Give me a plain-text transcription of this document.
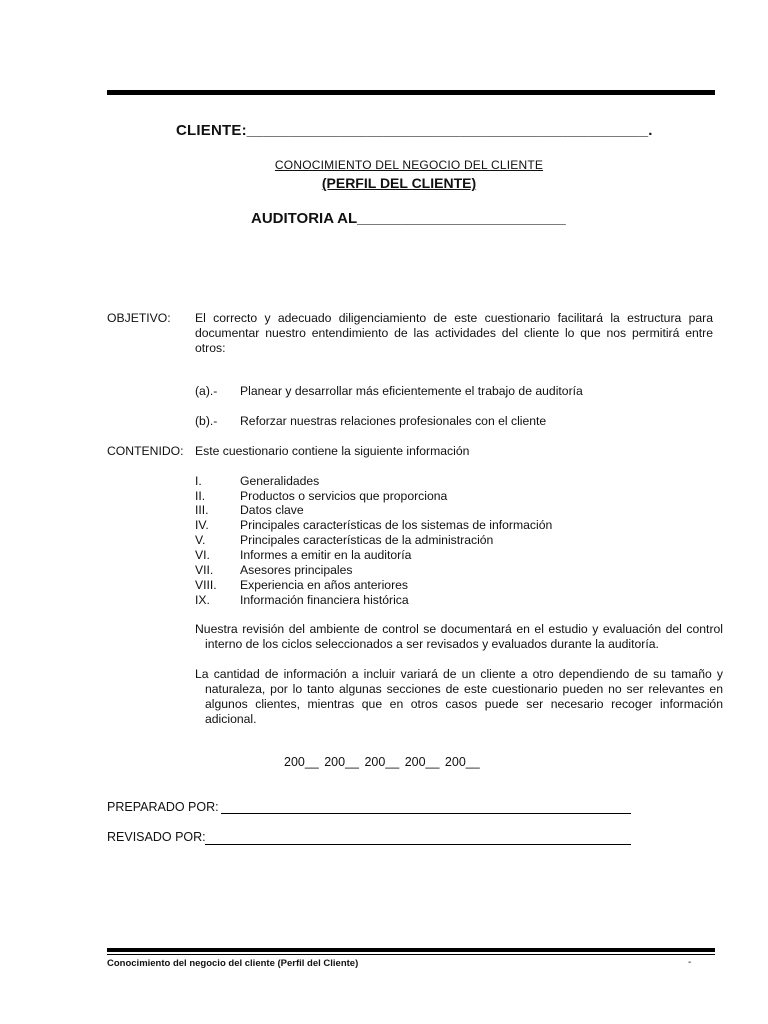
CLIENTE:_______________________________________________.
CONOCIMIENTO DEL NEGOCIO DEL CLIENTE
(PERFIL DEL CLIENTE)
AUDITORIA AL_________________________
OBJETIVO: El correcto y adecuado diligenciamiento de este cuestionario facilitará la estructura para documentar nuestro entendimiento de las actividades del cliente lo que nos permitirá entre otros:
(a).- Planear y desarrollar más eficientemente el trabajo de auditoría
(b).- Reforzar nuestras relaciones profesionales con el cliente
CONTENIDO: Este cuestionario contiene la siguiente información
I.	Generalidades
II.	Productos o servicios que proporciona
III.	Datos clave
IV.	Principales características de los sistemas de información
V.	Principales características de la administración
VI. Informes a emitir en la auditoría
VII. Asesores principales
VIII. Experiencia en años anteriores
IX. Información financiera histórica
Nuestra revisión del ambiente de control se documentará en el estudio y evaluación del control interno de los ciclos seleccionados a ser revisados y evaluados durante la auditoría.
La cantidad de información a incluir variará de un cliente a otro dependiendo de su tamaño y naturaleza, por lo tanto algunas secciones de este cuestionario pueden no ser relevantes en algunos clientes, mientras que en otros casos puede ser necesario recoger información adicional.
200__ 200__ 200__ 200__ 200__
PREPARADO POR:
REVISADO POR:
Conocimiento del negocio del cliente (Perfil del Cliente)	-
